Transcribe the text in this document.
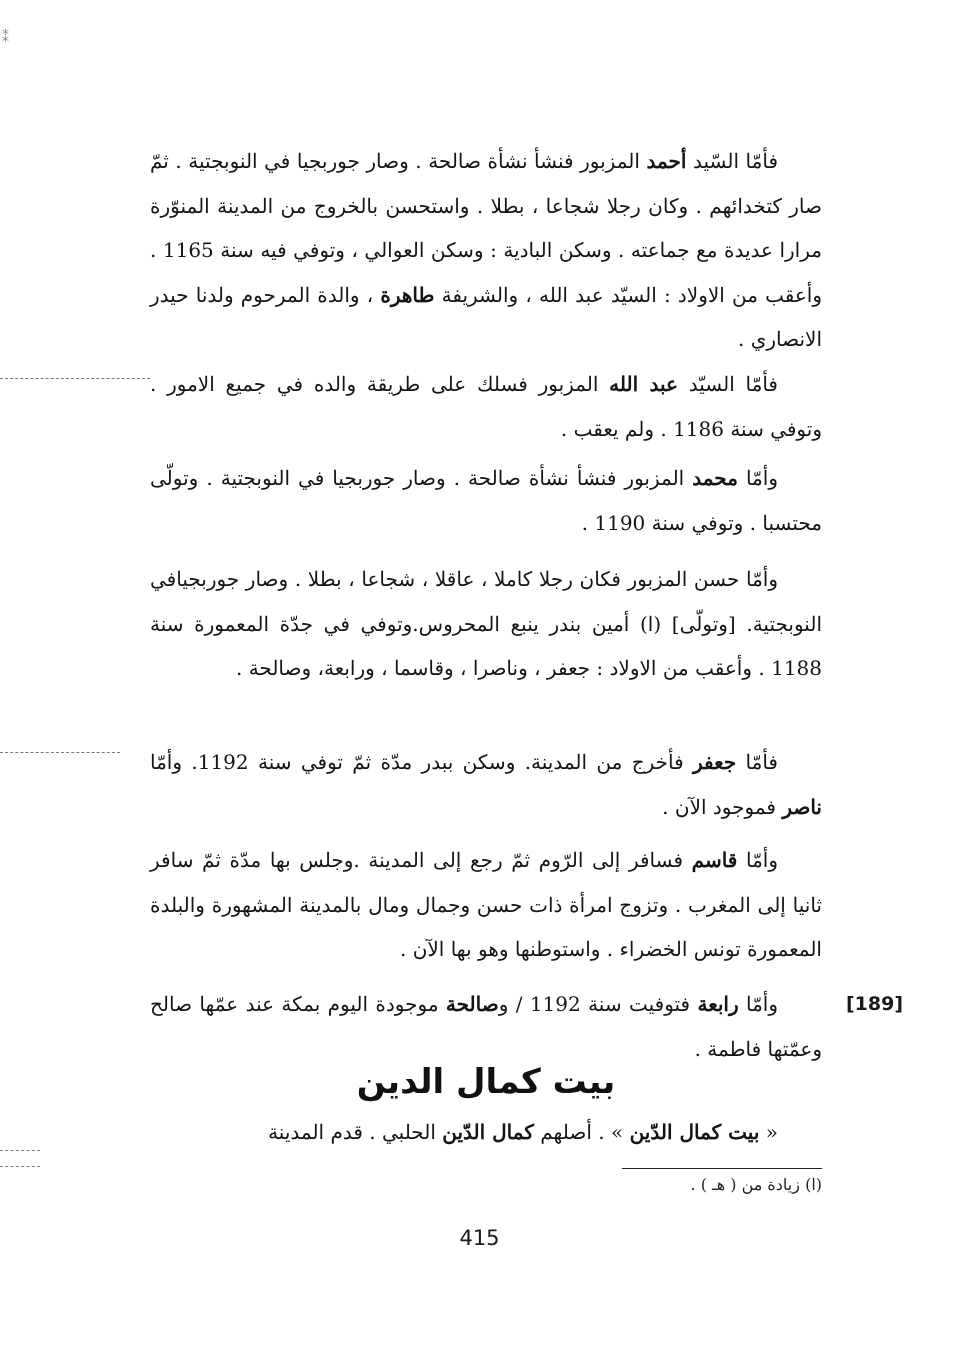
⁑

فأمّا السّيد أحمد المزبور فنشأ نشأة صالحة . وصار جوربجيا في النوبجتية . ثمّ صار كتخدائهم . وكان رجلا شجاعا ، بطلا . واستحسن بالخروج من المدينة المنوّرة مرارا عديدة مع جماعته . وسكن البادية : وسكن العوالي ، وتوفي فيه سنة 1165 . وأعقب من الاولاد : السيّد عبد الله ، والشريفة طاهرة ، والدة المرحوم ولدنا حيدر الانصاري .

فأمّا السيّد عبد الله المزبور فسلك على طريقة والده في جميع الامور . وتوفي سنة 1186 . ولم يعقب .

وأمّا محمد المزبور فنشأ نشأة صالحة . وصار جوربجيا في النوبجتية . وتولّى محتسبا . وتوفي سنة 1190 .

وأمّا حسن المزبور فكان رجلا كاملا ، عاقلا ، شجاعا ، بطلا . وصار جوربجيافي النوبجتية. [وتولّى] (ا) أمين بندر ينبع المحروس.وتوفي في جدّة المعمورة سنة 1188 . وأعقب من الاولاد : جعفر ، وناصرا ، وقاسما ، ورابعة، وصالحة .

فأمّا جعفر فأخرج من المدينة. وسكن ببدر مدّة ثمّ توفي سنة 1192. وأمّا ناصر فموجود الآن .

وأمّا قاسم فسافر إلى الرّوم ثمّ رجع إلى المدينة .وجلس بها مدّة ثمّ سافر ثانيا إلى المغرب . وتزوج امرأة ذات حسن وجمال ومال بالمدينة المشهورة والبلدة المعمورة تونس الخضراء . واستوطنها وهو بها الآن .

[189]

وأمّا رابعة فتوفيت سنة 1192 / وصالحة موجودة اليوم بمكة عند عمّها صالح وعمّتها فاطمة .

بيت كمال الدين

« بيت كمال الدّين » . أصلهم كمال الدّين الحلبي . قدم المدينة

(ا) زيادة من ( هـ ) .
415
